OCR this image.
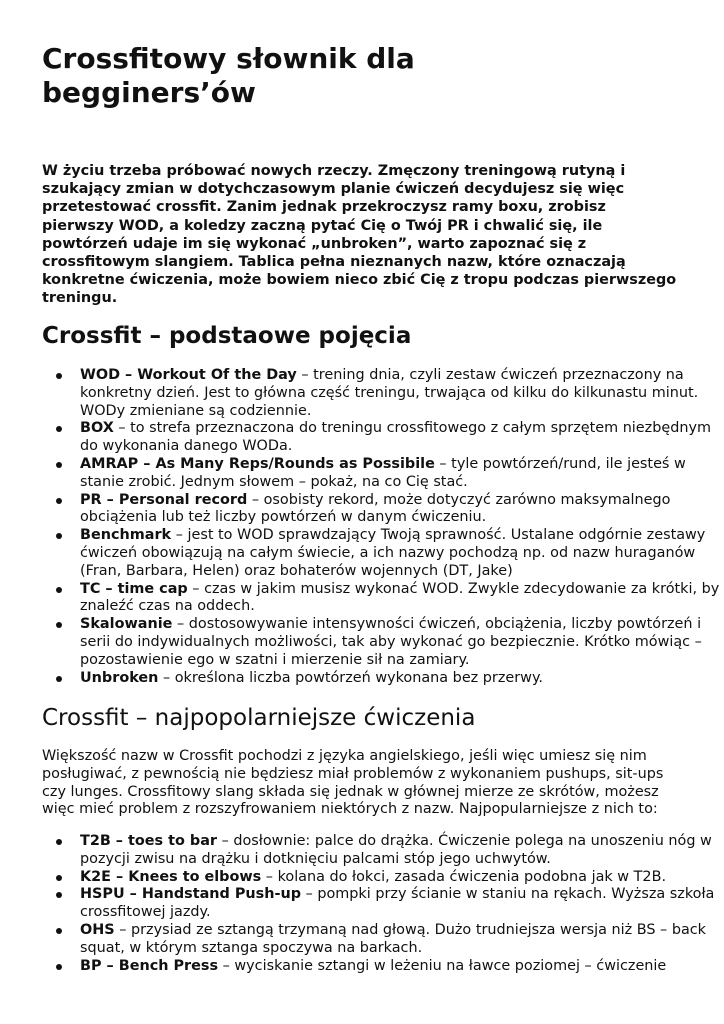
Crossfitowy słownik dla begginers’ów

W życiu trzeba próbować nowych rzeczy. Zmęczony treningową rutyną i szukający zmian w dotychczasowym planie ćwiczeń decydujesz się więc przetestować crossfit. Zanim jednak przekroczysz ramy boxu, zrobisz pierwszy WOD, a koledzy zaczną pytać Cię o Twój PR i chwalić się, ile powtórzeń udaje im się wykonać „unbroken”, warto zapoznać się z crossfitowym slangiem. Tablica pełna nieznanych nazw, które oznaczają konkretne ćwiczenia, może bowiem nieco zbić Cię z tropu podczas pierwszego treningu.

Crossfit – podstaowe pojęcia
WOD – Workout Of the Day – trening dnia, czyli zestaw ćwiczeń przeznaczony na konkretny dzień. Jest to główna część treningu, trwająca od kilku do kilkunastu minut. WODy zmieniane są codziennie.
BOX – to strefa przeznaczona do treningu crossfitowego z całym sprzętem niezbędnym do wykonania danego WODa.
AMRAP – As Many Reps/Rounds as Possibile – tyle powtórzeń/rund, ile jesteś w stanie zrobić. Jednym słowem – pokaż, na co Cię stać.
PR – Personal record – osobisty rekord, może dotyczyć zarówno maksymalnego obciążenia lub też liczby powtórzeń w danym ćwiczeniu.
Benchmark – jest to WOD sprawdzający Twoją sprawność. Ustalane odgórnie zestawy ćwiczeń obowiązują na całym świecie, a ich nazwy pochodzą np. od nazw huraganów (Fran, Barbara, Helen) oraz bohaterów wojennych (DT, Jake)
TC – time cap – czas w jakim musisz wykonać WOD. Zwykle zdecydowanie za krótki, by znaleźć czas na oddech.
Skalowanie – dostosowywanie intensywności ćwiczeń, obciążenia, liczby powtórzeń i serii do indywidualnych możliwości, tak aby wykonać go bezpiecznie. Krótko mówiąc – pozostawienie ego w szatni i mierzenie sił na zamiary.
Unbroken – określona liczba powtórzeń wykonana bez przerwy.
Crossfit – najpopolarniejsze ćwiczenia

Większość nazw w Crossfit pochodzi z języka angielskiego, jeśli więc umiesz się nim posługiwać, z pewnością nie będziesz miał problemów z wykonaniem pushups, sit-ups czy lunges. Crossfitowy slang składa się jednak w głównej mierze ze skrótów, możesz więc mieć problem z rozszyfrowaniem niektórych z nazw. Najpopularniejsze z nich to:

T2B – toes to bar – dosłownie: palce do drążka. Ćwiczenie polega na unoszeniu nóg w pozycji zwisu na drążku i dotknięciu palcami stóp jego uchwytów.
K2E – Knees to elbows – kolana do łokci, zasada ćwiczenia podobna jak w T2B.
HSPU – Handstand Push-up – pompki przy ścianie w staniu na rękach. Wyższa szkoła crossfitowej jazdy.
OHS – przysiad ze sztangą trzymaną nad głową. Dużo trudniejsza wersja niż BS – back squat, w którym sztanga spoczywa na barkach.
BP – Bench Press – wyciskanie sztangi w leżeniu na ławce poziomej – ćwiczenie
